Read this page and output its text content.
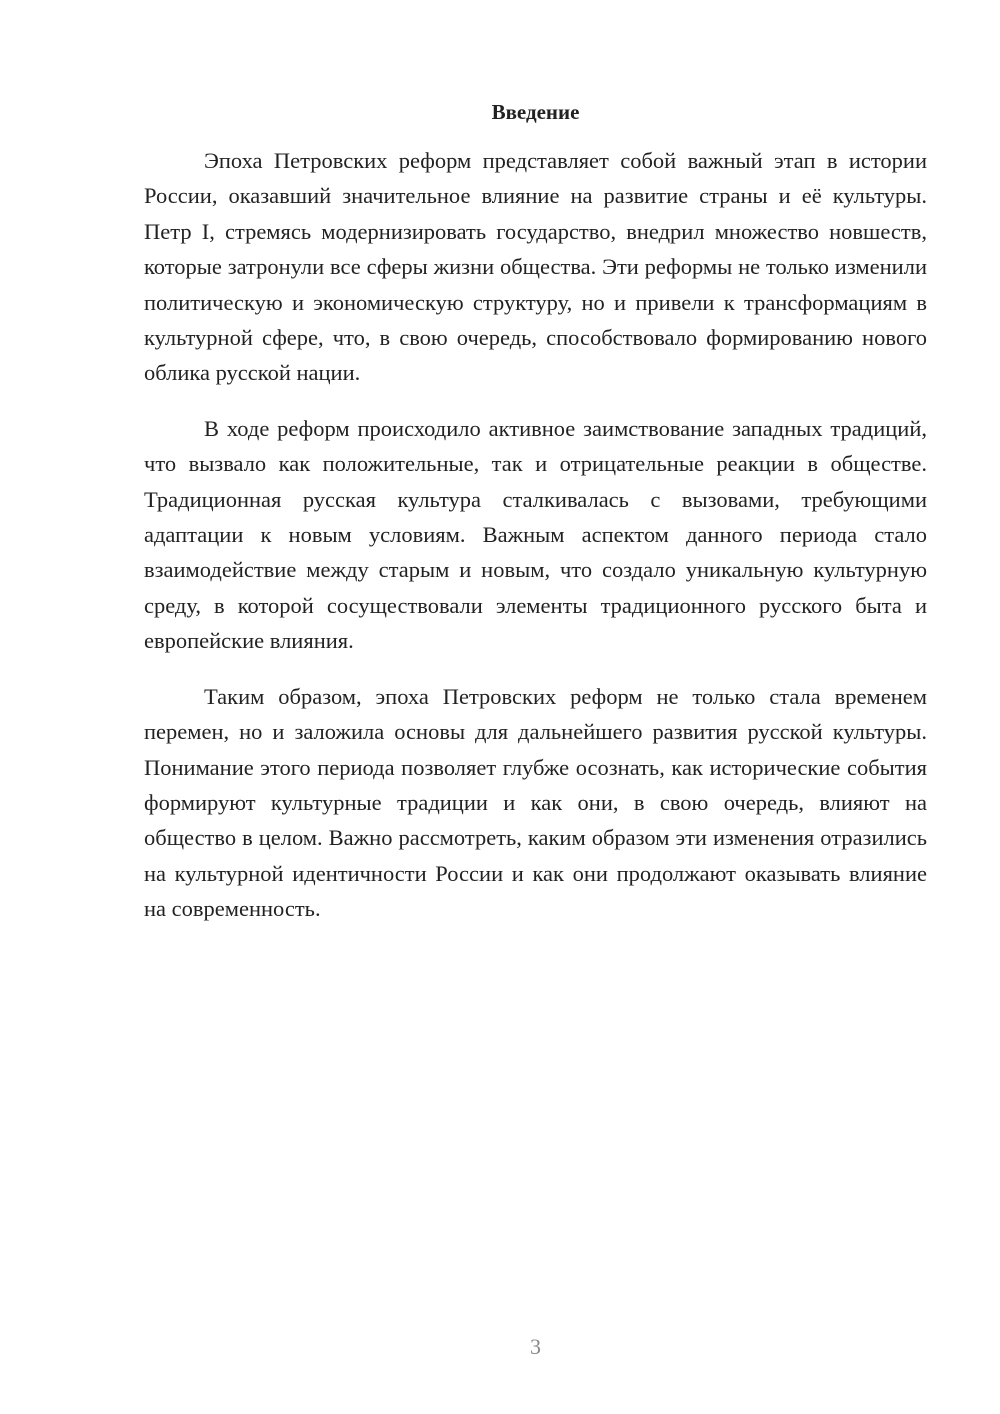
Введение

Эпоха Петровских реформ представляет собой важный этап в истории России, оказавший значительное влияние на развитие страны и её культуры. Петр I, стремясь модернизировать государство, внедрил множество новшеств, которые затронули все сферы жизни общества. Эти реформы не только изменили политическую и экономическую структуру, но и привели к трансформациям в культурной сфере, что, в свою очередь, способствовало формированию нового облика русской нации.

В ходе реформ происходило активное заимствование западных традиций, что вызвало как положительные, так и отрицательные реакции в обществе. Традиционная русская культура сталкивалась с вызовами, требующими адаптации к новым условиям. Важным аспектом данного периода стало взаимодействие между старым и новым, что создало уникальную культурную среду, в которой сосуществовали элементы традиционного русского быта и европейские влияния.

Таким образом, эпоха Петровских реформ не только стала временем перемен, но и заложила основы для дальнейшего развития русской культуры. Понимание этого периода позволяет глубже осознать, как исторические события формируют культурные традиции и как они, в свою очередь, влияют на общество в целом. Важно рассмотреть, каким образом эти изменения отразились на культурной идентичности России и как они продолжают оказывать влияние на современность.

3
